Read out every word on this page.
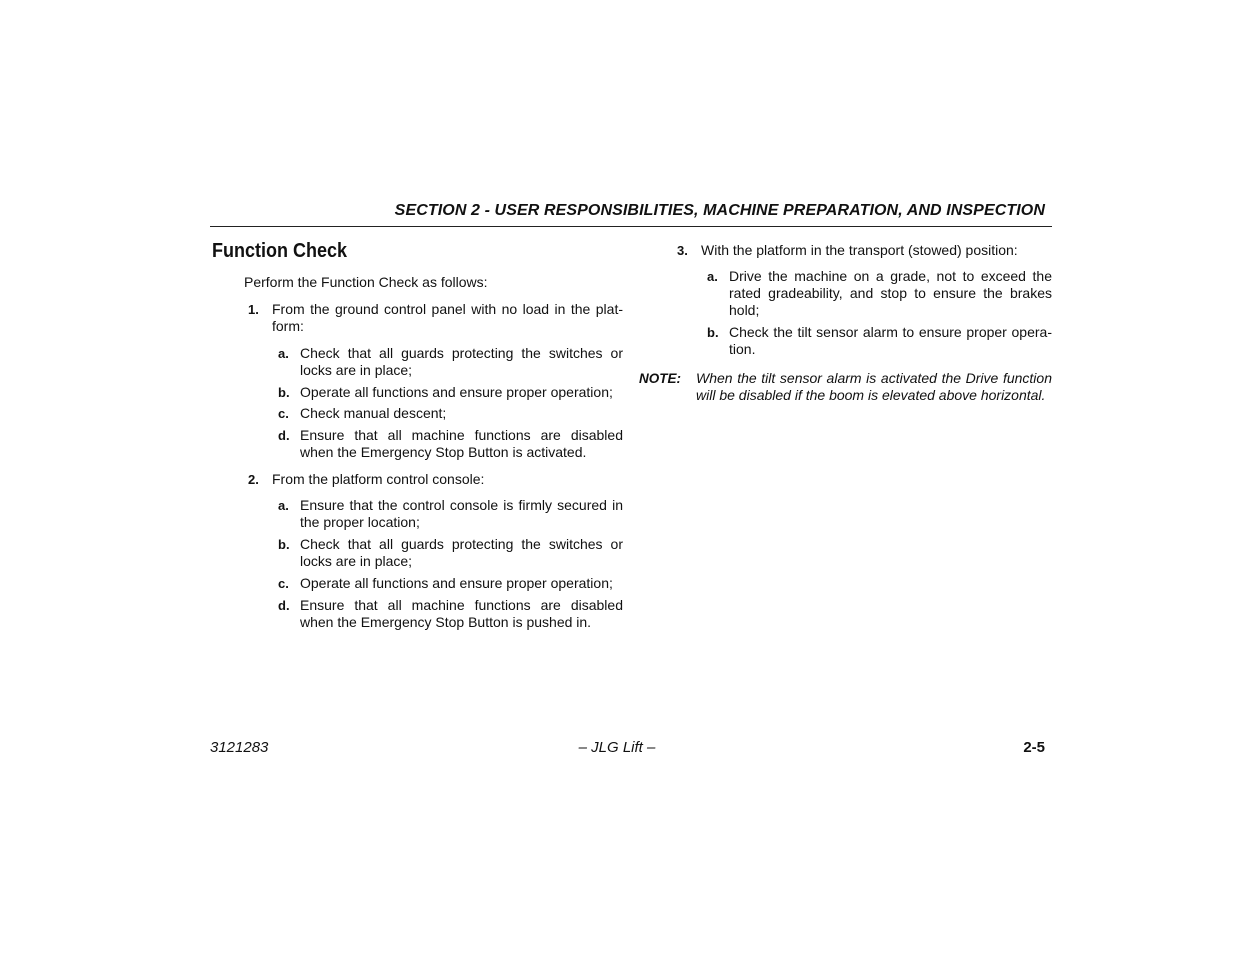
SECTION 2 - USER RESPONSIBILITIES, MACHINE PREPARATION, AND INSPECTION
Function Check
Perform the Function Check as follows:
1. From the ground control panel with no load in the plat-form:
a. Check that all guards protecting the switches or locks are in place;
b. Operate all functions and ensure proper operation;
c. Check manual descent;
d. Ensure that all machine functions are disabled when the Emergency Stop Button is activated.
2. From the platform control console:
a. Ensure that the control console is firmly secured in the proper location;
b. Check that all guards protecting the switches or locks are in place;
c. Operate all functions and ensure proper operation;
d. Ensure that all machine functions are disabled when the Emergency Stop Button is pushed in.
3. With the platform in the transport (stowed) position:
a. Drive the machine on a grade, not to exceed the rated gradeability, and stop to ensure the brakes hold;
b. Check the tilt sensor alarm to ensure proper opera-tion.
NOTE: When the tilt sensor alarm is activated the Drive function will be disabled if the boom is elevated above horizontal.
3121283	– JLG Lift –	2-5
